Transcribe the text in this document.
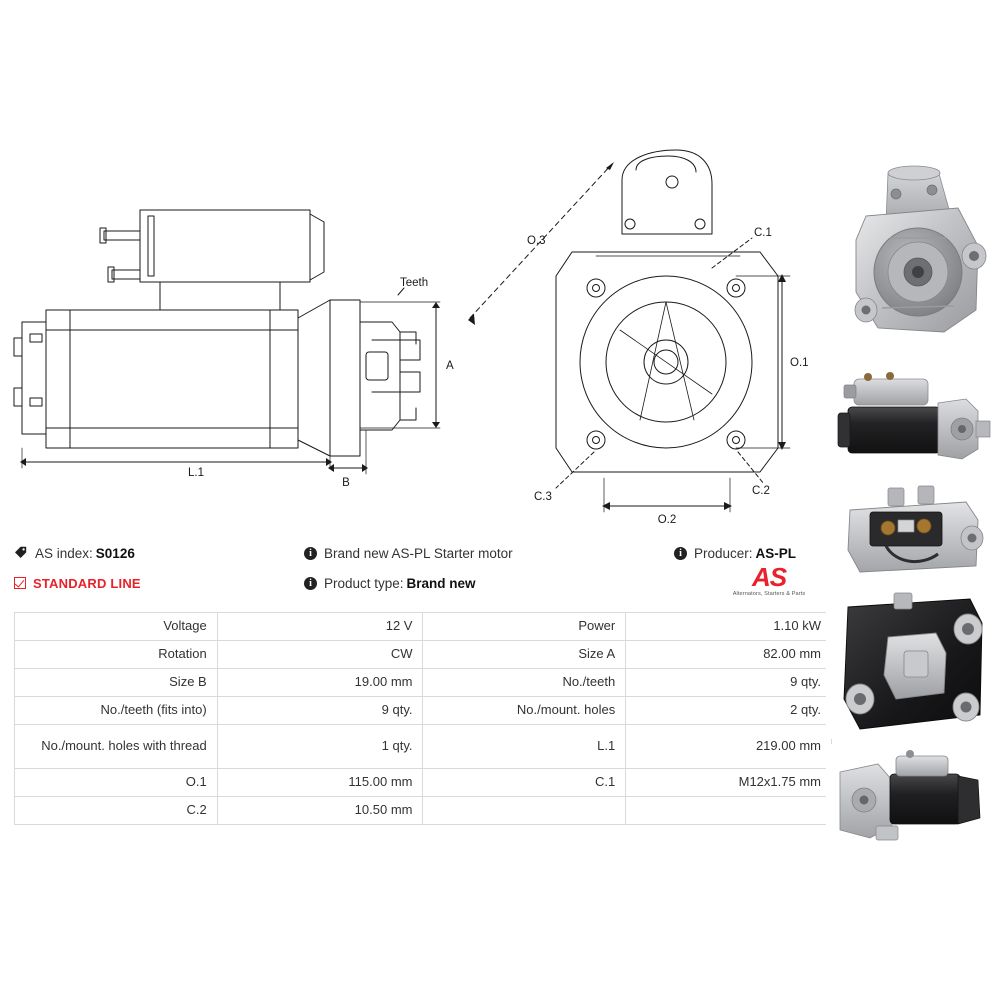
Teeth
A
L.1
B
O.3
O.1
O.2
C.1
C.2
C.3
AS index: S0126	i Brand new AS-PL Starter motor	i Producer: AS-PL
STANDARD LINE	i Product type: Brand new	AS
Alternators, Starters & Parts
Voltage	12 V	Power	1.10 kW
Rotation	CW	Size A	82.00 mm
Size B	19.00 mm	No./teeth	9 qty.
No./teeth (fits into)	9 qty.	No./mount. holes	2 qty.
No./mount. holes with thread	1 qty.	L.1	219.00 mm
O.1	115.00 mm	C.1	M12x1.75 mm
C.2	10.50 mm		
